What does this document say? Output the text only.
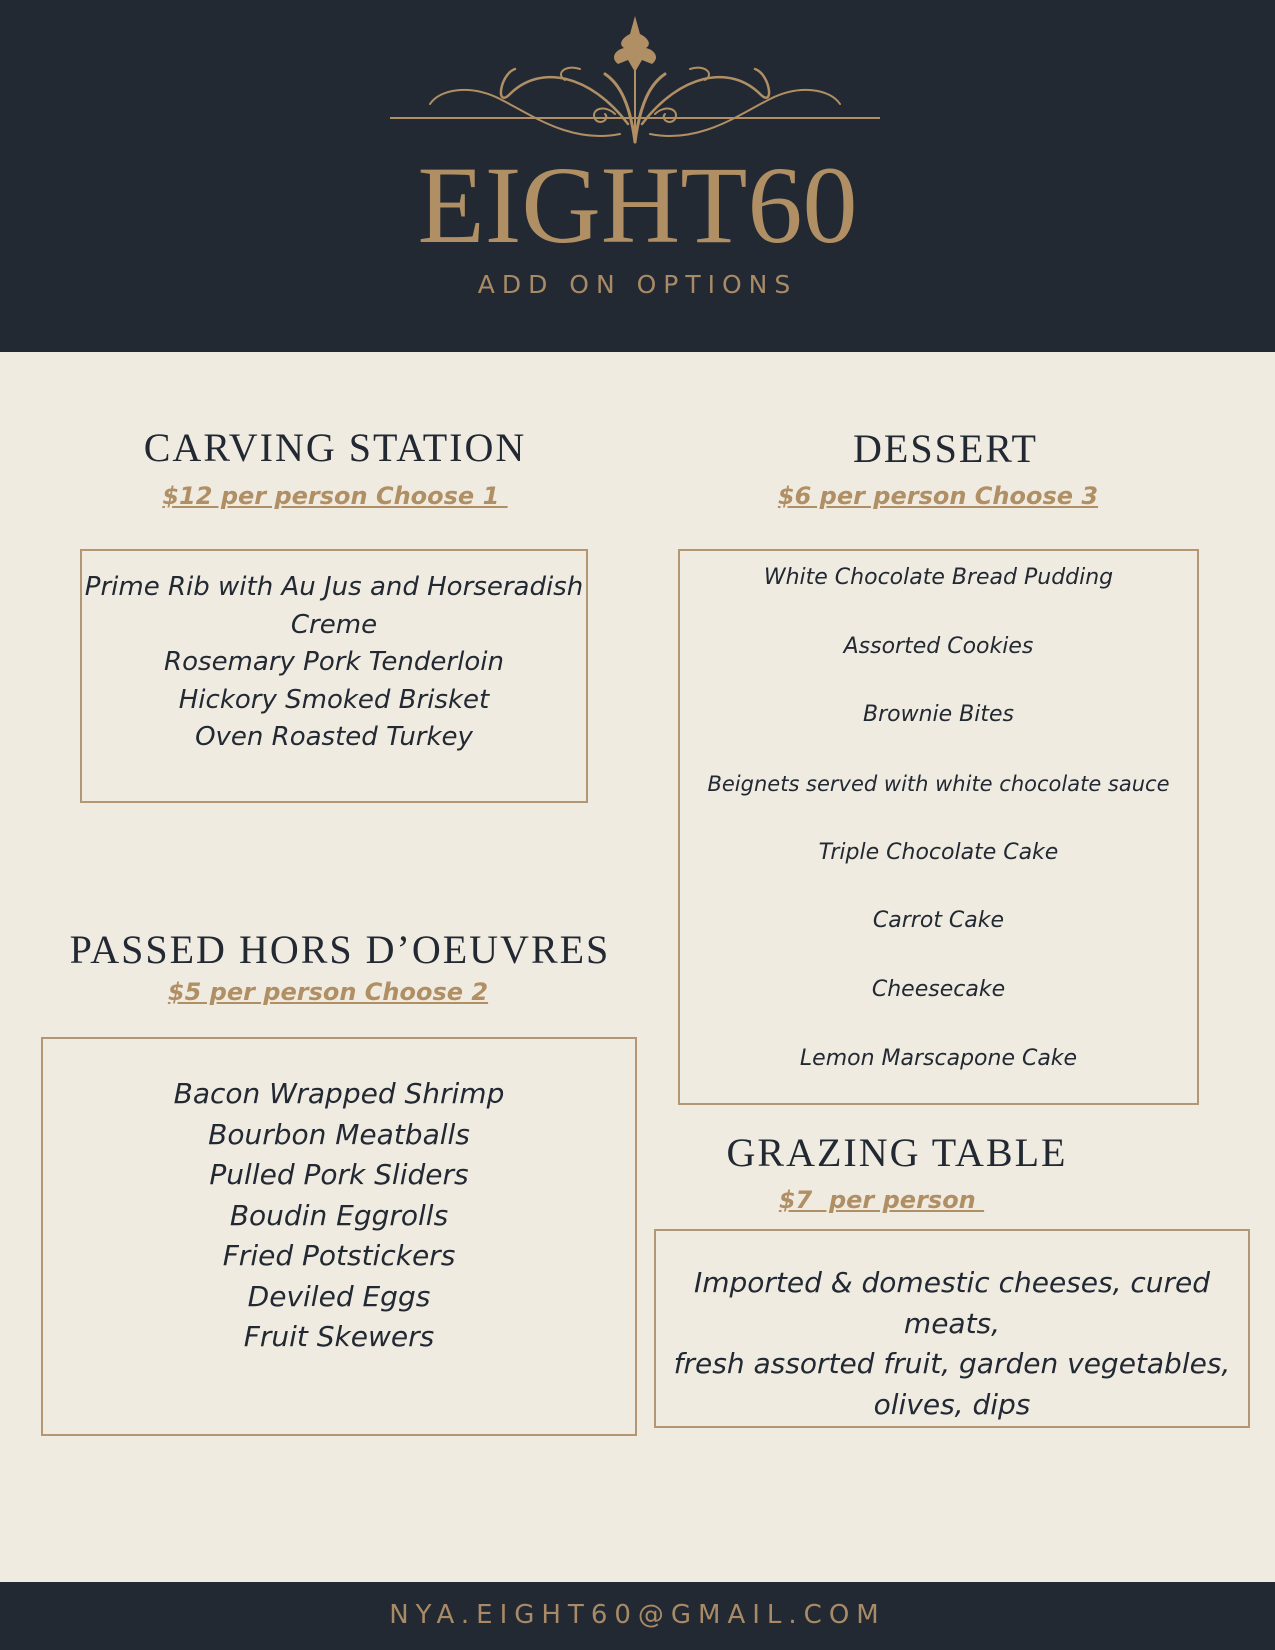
EIGHT60
ADD ON OPTIONS
CARVING STATION
$12 per person Choose 1
Prime Rib with Au Jus and Horseradish
Creme
Rosemary Pork Tenderloin
Hickory Smoked Brisket
Oven Roasted Turkey
DESSERT
$6 per person Choose 3
White Chocolate Bread Pudding
Assorted Cookies
Brownie Bites
Beignets served with white chocolate sauce
Triple Chocolate Cake
Carrot Cake
Cheesecake
Lemon Marscapone Cake
PASSED HORS D’OEUVRES
$5 per person Choose 2
Bacon Wrapped Shrimp
Bourbon Meatballs
Pulled Pork Sliders
Boudin Eggrolls
Fried Potstickers
Deviled Eggs
Fruit Skewers
GRAZING TABLE
$7  per person
Imported & domestic cheeses, cured meats,
fresh assorted fruit, garden vegetables,
olives, dips
NYA.EIGHT60@GMAIL.COM
